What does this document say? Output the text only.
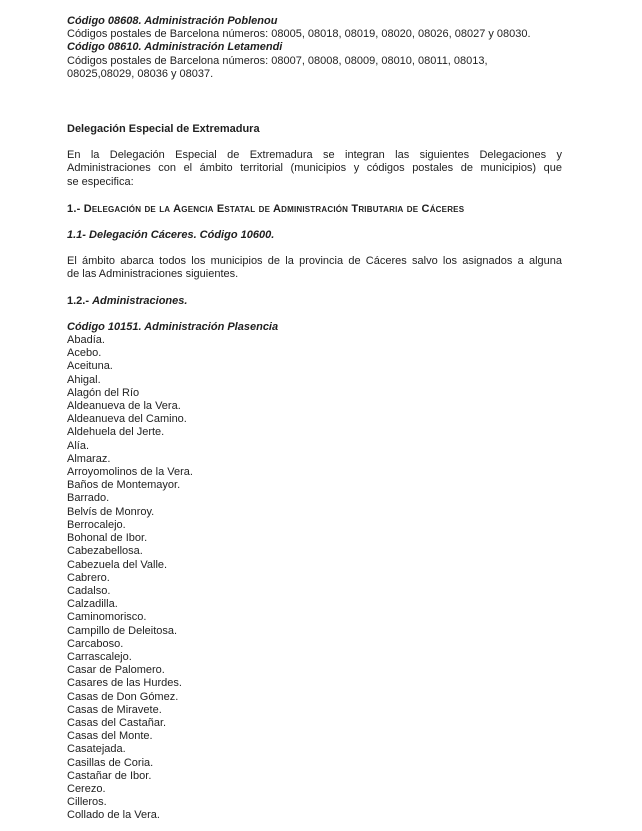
Código 08608. Administración Poblenou
Códigos postales de Barcelona números: 08005, 08018, 08019, 08020, 08026, 08027 y 08030.
Código 08610. Administración Letamendi
Códigos postales de Barcelona números: 08007, 08008, 08009, 08010, 08011, 08013,
08025,08029, 08036 y 08037.
Delegación Especial de Extremadura
En la Delegación Especial de Extremadura se integran las siguientes Delegaciones y
Administraciones con el ámbito territorial (municipios y códigos postales de municipios) que
se especifica:
1.- Delegación de la Agencia Estatal de Administración Tributaria de Cáceres
1.1- Delegación Cáceres. Código 10600.
El ámbito abarca todos los municipios de la provincia de Cáceres salvo los asignados a alguna
de las Administraciones siguientes.
1.2.- Administraciones.
Código 10151. Administración Plasencia
Abadía.
Acebo.
Aceituna.
Ahigal.
Alagón del Río
Aldeanueva de la Vera.
Aldeanueva del Camino.
Aldehuela del Jerte.
Alía.
Almaraz.
Arroyomolinos de la Vera.
Baños de Montemayor.
Barrado.
Belvís de Monroy.
Berrocalejo.
Bohonal de Ibor.
Cabezabellosa.
Cabezuela del Valle.
Cabrero.
Cadalso.
Calzadilla.
Caminomorisco.
Campillo de Deleitosa.
Carcaboso.
Carrascalejo.
Casar de Palomero.
Casares de las Hurdes.
Casas de Don Gómez.
Casas de Miravete.
Casas del Castañar.
Casas del Monte.
Casatejada.
Casillas de Coria.
Castañar de Ibor.
Cerezo.
Cilleros.
Collado de la Vera.
